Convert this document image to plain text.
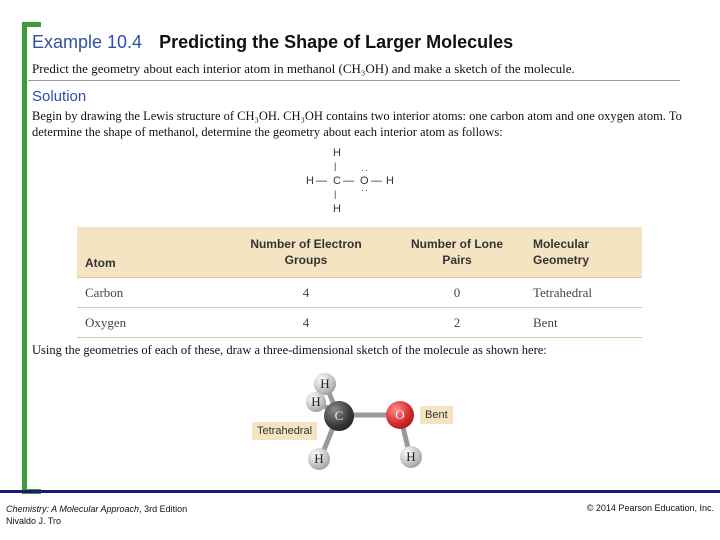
Example 10.4 Predicting the Shape of Larger Molecules
Predict the geometry about each interior atom in methanol (CH₃OH) and make a sketch of the molecule.
Solution
Begin by drawing the Lewis structure of CH₃OH. CH₃OH contains two interior atoms: one carbon atom and one oxygen atom. To determine the shape of methanol, determine the geometry about each interior atom as follows:
H
|
H — C — O
··
··
— H
|
H
Atom	Number of Electron Groups	Number of Lone Pairs	Molecular Geometry
Carbon	4	0	Tetrahedral
Oxygen	4	2	Bent
Using the geometries of each of these, draw a three-dimensional sketch of the molecule as shown here:
H
H
C	O
H	H
Tetrahedral
Bent
Chemistry: A Molecular Approach, 3rd Edition
Nivaldo J. Tro
© 2014 Pearson Education, Inc.
